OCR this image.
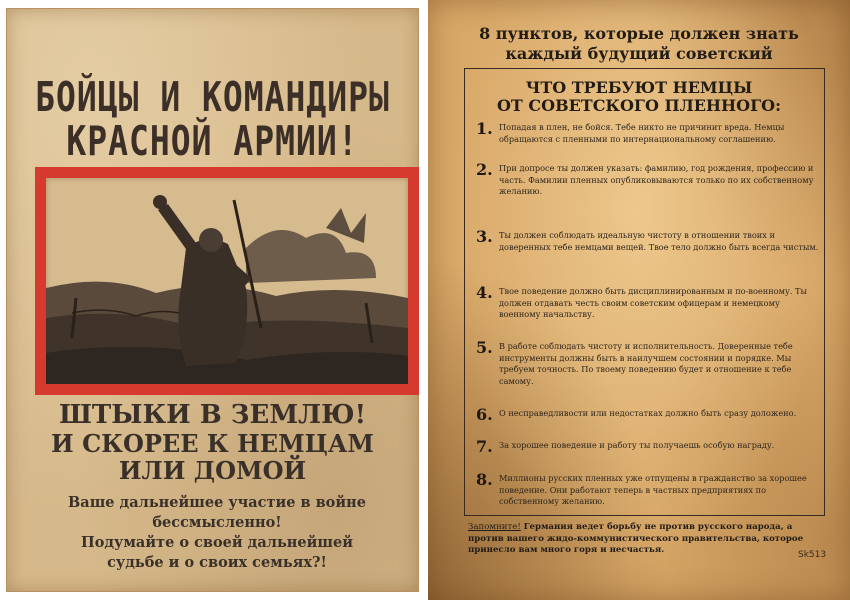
БОЙЦЫ И КОМАНДИРЫ
КРАСНОЙ АРМИИ!
ШТЫКИ В ЗЕМЛЮ!
И СКОРЕЕ К НЕМЦАМ
ИЛИ ДОМОЙ
Ваше дальнейшее участие в войне
бессмысленно!
Подумайте о своей дальнейшей
судьбе и о своих семьях?!
8 пунктов, которые должен знать
каждый будущий советский
ЧТО ТРЕБУЮТ НЕМЦЫ
ОТ СОВЕТСКОГО ПЛЕННОГО:
1. Попадая в плен, не бойся. Тебе никто не причинит вреда. Немцы обращаются с пленными по интернациональному соглашению.
2. При допросе ты должен указать: фамилию, год рождения, профессию и часть. Фамилии пленных опубликовываются только по их собственному желанию.
3. Ты должен соблюдать идеальную чистоту в отношении твоих и доверенных тебе немцами вещей. Твое тело должно быть всегда чистым.
4. Твое поведение должно быть дисциплинированным и по-военному. Ты должен отдавать честь своим советским офицерам и немецкому военному начальству.
5. В работе соблюдать чистоту и исполнительность. Доверенные тебе инструменты должны быть в наилучшем состоянии и порядке. Мы требуем точность. По твоему поведению будет и отношение к тебе самому.
6. О несправедливости или недостатках должно быть сразу доложено.
7. За хорошее поведение и работу ты получаешь особую награду.
8. Миллионы русских пленных уже отпущены в гражданство за хорошее поведение. Они работают теперь в частных предприятиях по собственному желанию.
Запомните! Германия ведет борьбу не против русского народа, а против вашего жидо-коммунистического правительства, которое принесло вам много горя и несчастья.	Sk513
